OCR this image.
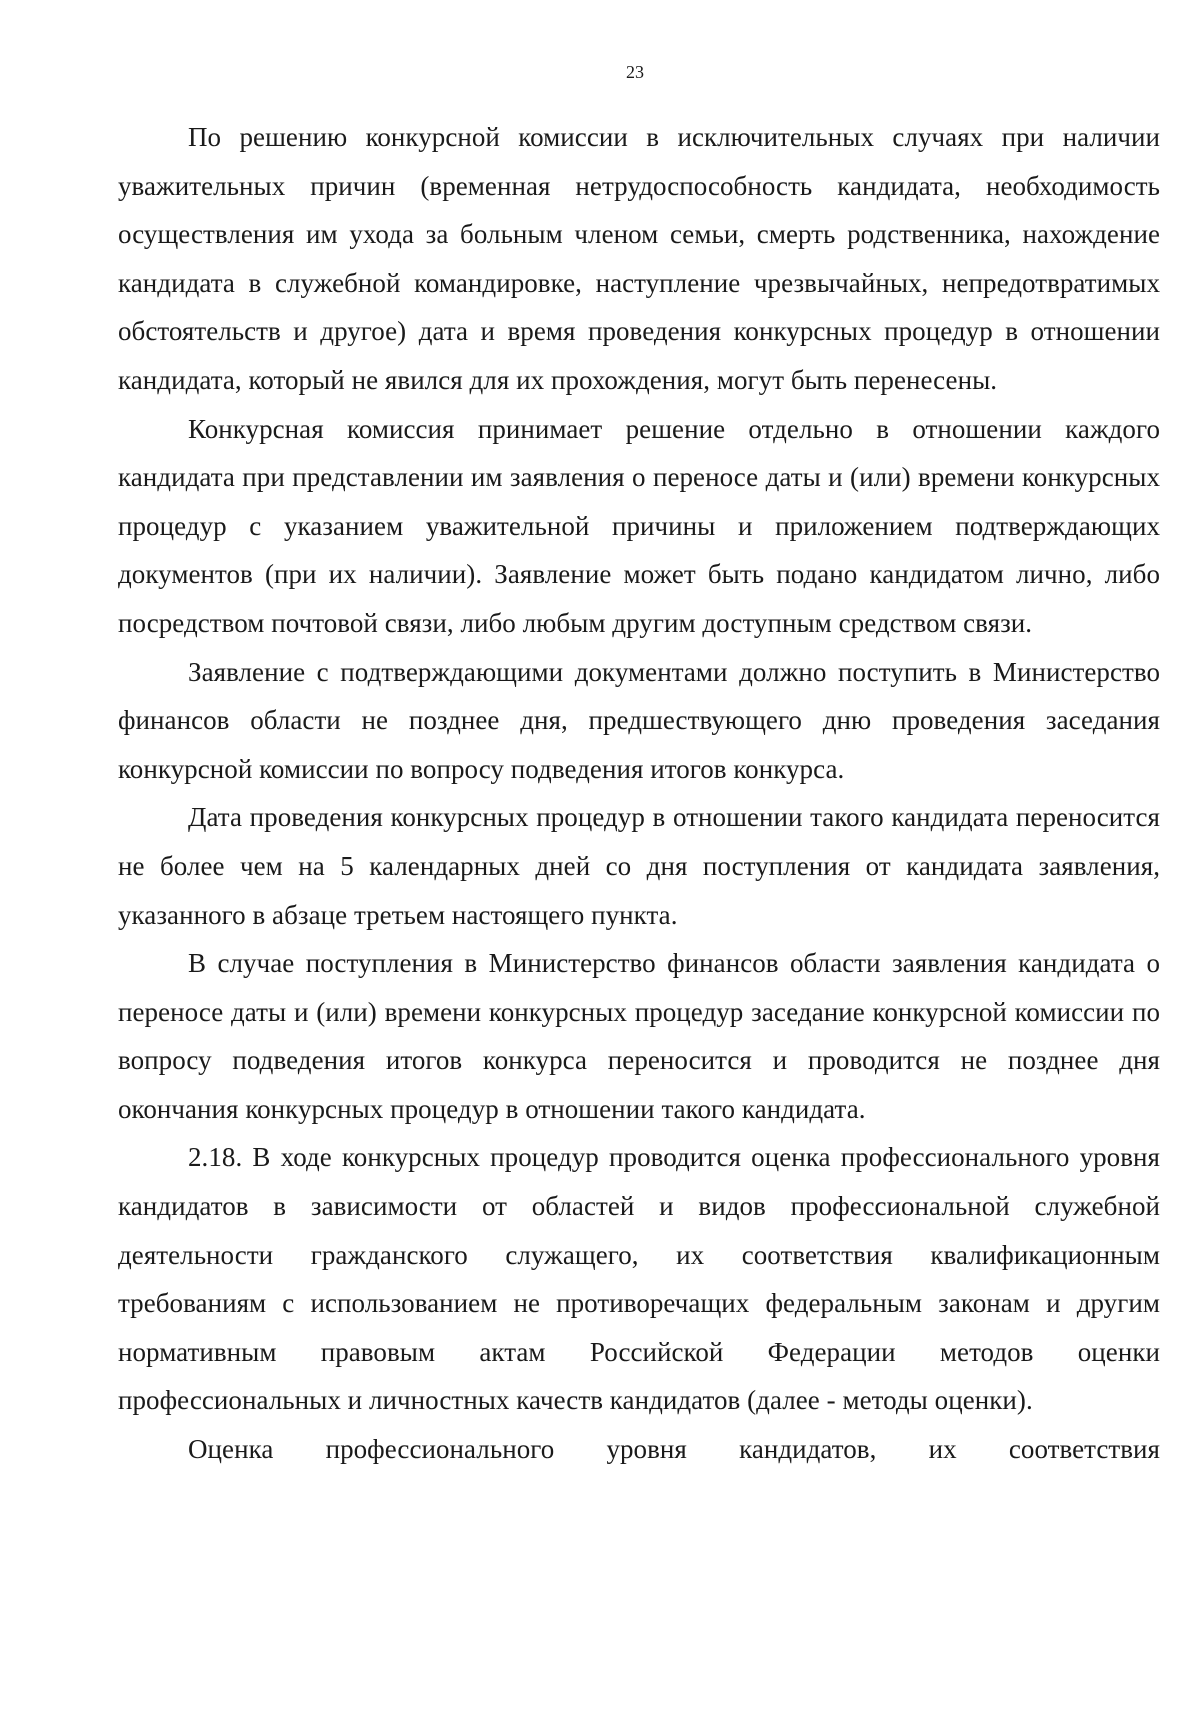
23

По решению конкурсной комиссии в исключительных случаях при наличии уважительных причин (временная нетрудоспособность кандидата, необходимость осуществления им ухода за больным членом семьи, смерть родственника, нахождение кандидата в служебной командировке, наступление чрезвычайных, непредотвратимых обстоятельств и другое) дата и время проведения конкурсных процедур в отношении кандидата, который не явился для их прохождения, могут быть перенесены.

Конкурсная комиссия принимает решение отдельно в отношении каждого кандидата при представлении им заявления о переносе даты и (или) времени конкурсных процедур с указанием уважительной причины и приложением подтверждающих документов (при их наличии). Заявление может быть подано кандидатом лично, либо посредством почтовой связи, либо любым другим доступным средством связи.

Заявление с подтверждающими документами должно поступить в Министерство финансов области не позднее дня, предшествующего дню проведения заседания конкурсной комиссии по вопросу подведения итогов конкурса.

Дата проведения конкурсных процедур в отношении такого кандидата переносится не более чем на 5 календарных дней со дня поступления от кандидата заявления, указанного в абзаце третьем настоящего пункта.

В случае поступления в Министерство финансов области заявления кандидата о переносе даты и (или) времени конкурсных процедур заседание конкурсной комиссии по вопросу подведения итогов конкурса переносится и проводится не позднее дня окончания конкурсных процедур в отношении такого кандидата.

2.18. В ходе конкурсных процедур проводится оценка профессионального уровня кандидатов в зависимости от областей и видов профессиональной служебной деятельности гражданского служащего, их соответствия квалификационным требованиям с использованием не противоречащих федеральным законам и другим нормативным правовым актам Российской Федерации методов оценки профессиональных и личностных качеств кандидатов (далее - методы оценки).

Оценка профессионального уровня кандидатов, их соответствия
